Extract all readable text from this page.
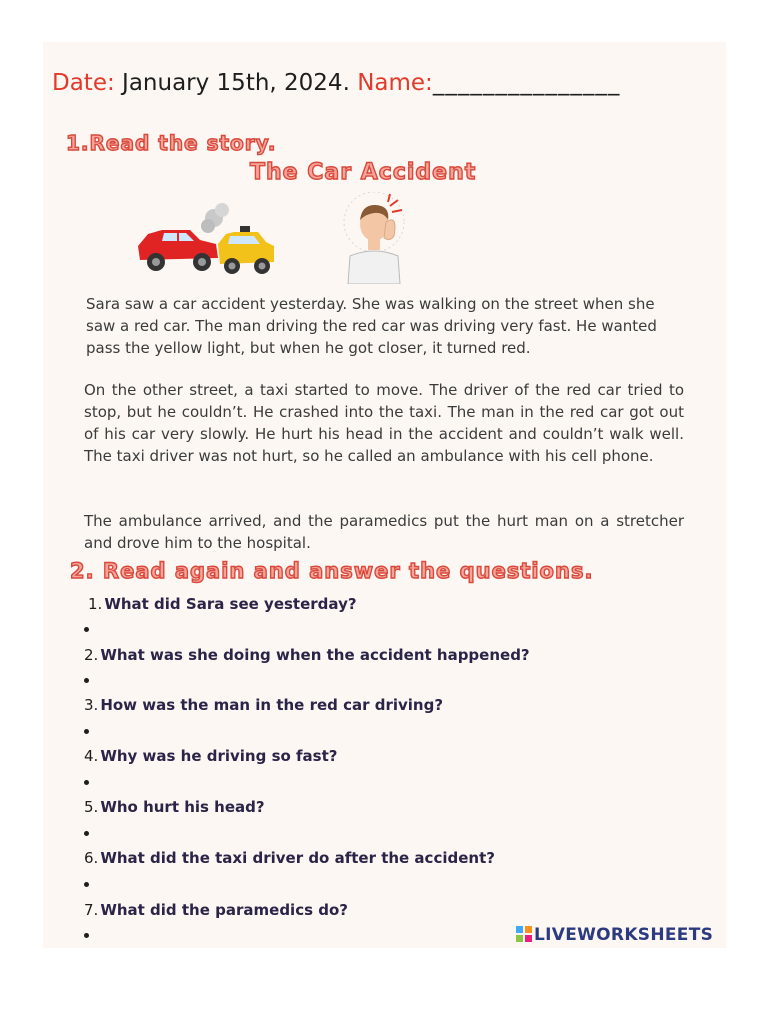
Date: January 15th, 2024. Name:_______________
1.Read the story.
The Car Accident
Sara saw a car accident yesterday. She was walking on the street when she saw a red car. The man driving the red car was driving very fast. He wanted pass the yellow light, but when he got closer, it turned red.
On the other street, a taxi started to move. The driver of the red car tried to stop, but he couldn’t. He crashed into the taxi. The man in the red car got out of his car very slowly. He hurt his head in the accident and couldn’t walk well. The taxi driver was not hurt, so he called an ambulance with his cell phone.
The ambulance arrived, and the paramedics put the hurt man on a stretcher and drove him to the hospital.
2. Read again and answer the questions.
1. What did Sara see yesterday?
2. What was she doing when the accident happened?
3. How was the man in the red car driving?
4. Why was he driving so fast?
5. Who hurt his head?
6. What did the taxi driver do after the accident?
7. What did the paramedics do?
LIVEWORKSHEETS
